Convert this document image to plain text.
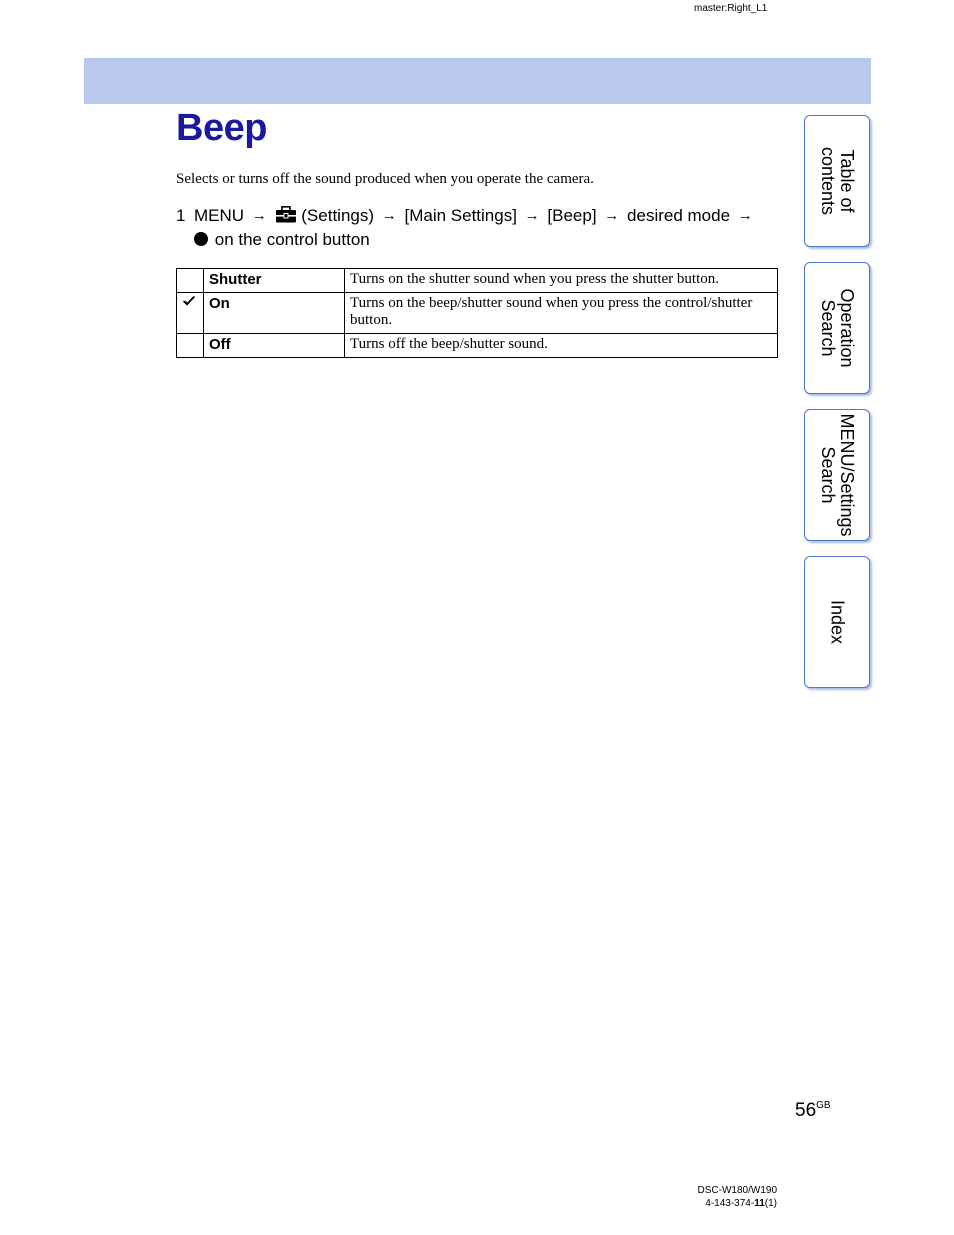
master:Right_L1
Beep
Selects or turns off the sound produced when you operate the camera.
1 MENU → (Settings) → [Main Settings] → [Beep] → desired mode →
on the control button
	Shutter	Turns on the shutter sound when you press the shutter button.

	On	Turns on the beep/shutter sound when you press the control/shutter button.
	Off	Turns off the beep/shutter sound.
Table of
contents
Operation
Search
MENU/Settings
Search
Index
$56^{GB}$
DSC-W180/W190
4-143-374-11(1)
